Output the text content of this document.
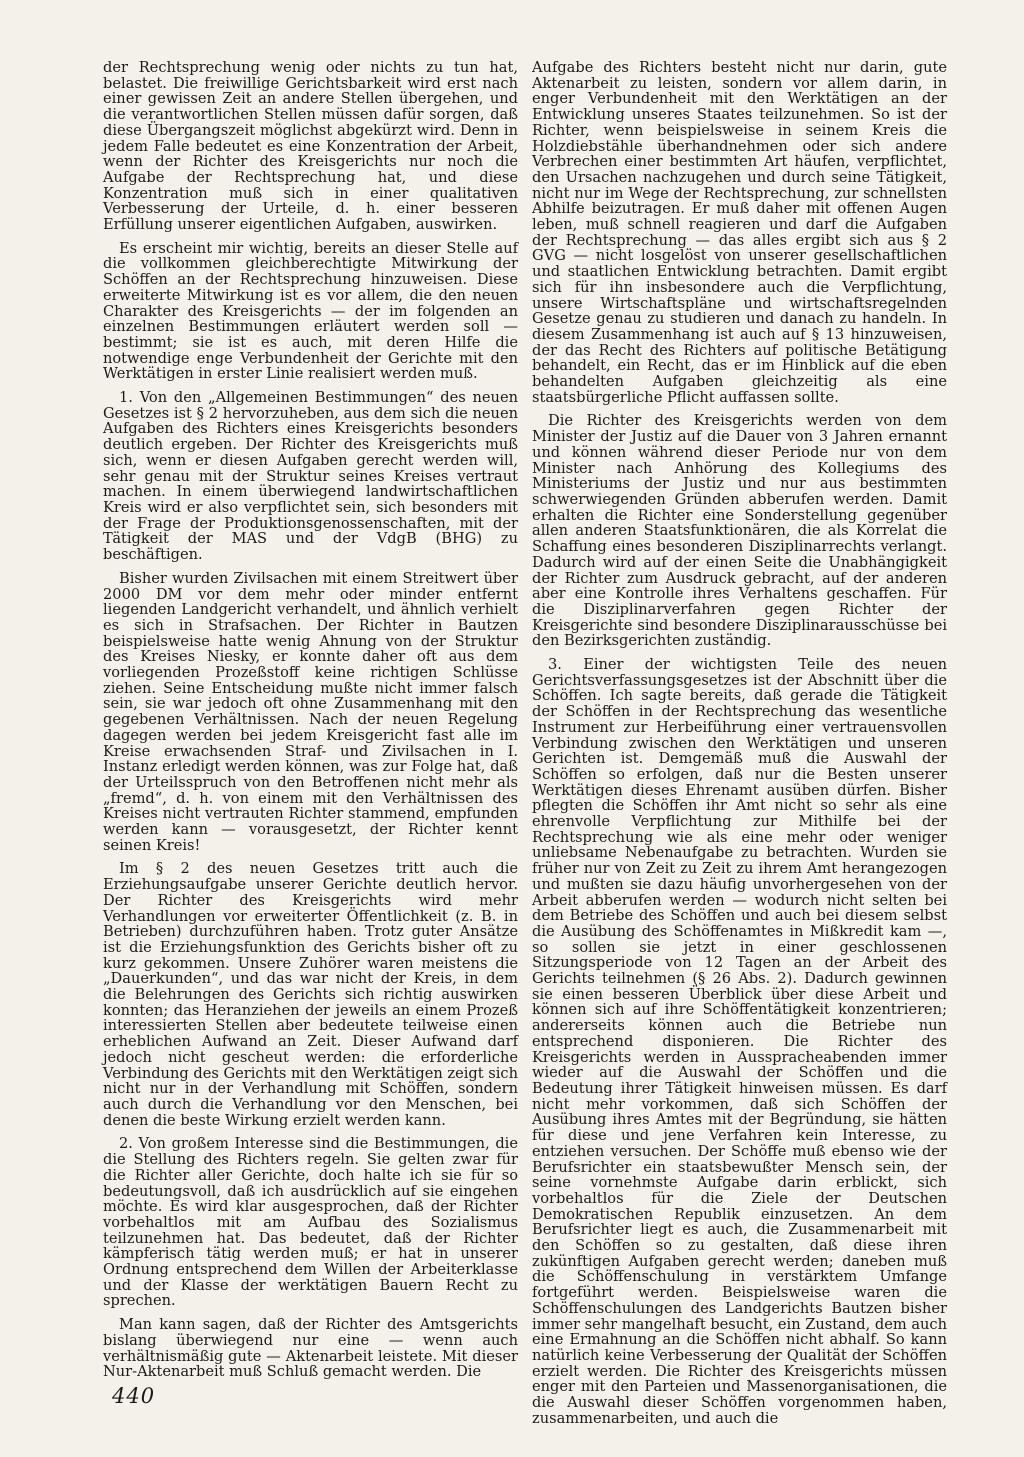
der Rechtsprechung wenig oder nichts zu tun hat, belastet. Die freiwillige Gerichtsbarkeit wird erst nach einer gewissen Zeit an andere Stellen übergehen, und die verantwortlichen Stellen müssen dafür sorgen, daß diese Übergangszeit möglichst abgekürzt wird. Denn in jedem Falle bedeutet es eine Konzentration der Arbeit, wenn der Richter des Kreisgerichts nur noch die Aufgabe der Rechtsprechung hat, und diese Konzentration muß sich in einer qualitativen Verbesserung der Urteile, d. h. einer besseren Erfüllung unserer eigentlichen Aufgaben, auswirken.

Es erscheint mir wichtig, bereits an dieser Stelle auf die vollkommen gleichberechtigte Mitwirkung der Schöffen an der Rechtsprechung hinzuweisen. Diese erweiterte Mitwirkung ist es vor allem, die den neuen Charakter des Kreisgerichts — der im folgenden an einzelnen Bestimmungen erläutert werden soll — bestimmt; sie ist es auch, mit deren Hilfe die notwendige enge Verbundenheit der Gerichte mit den Werktätigen in erster Linie realisiert werden muß.

1. Von den „Allgemeinen Bestimmungen“ des neuen Gesetzes ist § 2 hervorzuheben, aus dem sich die neuen Aufgaben des Richters eines Kreisgerichts besonders deutlich ergeben. Der Richter des Kreisgerichts muß sich, wenn er diesen Aufgaben gerecht werden will, sehr genau mit der Struktur seines Kreises vertraut machen. In einem überwiegend landwirtschaftlichen Kreis wird er also verpflichtet sein, sich besonders mit der Frage der Produktionsgenossenschaften, mit der Tätigkeit der MAS und der VdgB (BHG) zu beschäftigen.

Bisher wurden Zivilsachen mit einem Streitwert über 2000 DM vor dem mehr oder minder entfernt liegenden Landgericht verhandelt, und ähnlich verhielt es sich in Strafsachen. Der Richter in Bautzen beispielsweise hatte wenig Ahnung von der Struktur des Kreises Niesky, er konnte daher oft aus dem vorliegenden Prozeßstoff keine richtigen Schlüsse ziehen. Seine Entscheidung mußte nicht immer falsch sein, sie war jedoch oft ohne Zusammenhang mit den gegebenen Verhältnissen. Nach der neuen Regelung dagegen werden bei jedem Kreisgericht fast alle im Kreise erwachsenden Straf- und Zivilsachen in I. Instanz erledigt werden können, was zur Folge hat, daß der Urteilsspruch von den Betroffenen nicht mehr als „fremd“, d. h. von einem mit den Verhältnissen des Kreises nicht vertrauten Richter stammend, empfunden werden kann — vorausgesetzt, der Richter kennt seinen Kreis!

Im § 2 des neuen Gesetzes tritt auch die Erziehungsaufgabe unserer Gerichte deutlich hervor. Der Richter des Kreisgerichts wird mehr Verhandlungen vor erweiterter Öffentlichkeit (z. B. in Betrieben) durchzuführen haben. Trotz guter Ansätze ist die Erziehungsfunktion des Gerichts bisher oft zu kurz gekommen. Unsere Zuhörer waren meistens die „Dauerkunden“, und das war nicht der Kreis, in dem die Belehrungen des Gerichts sich richtig auswirken konnten; das Heranziehen der jeweils an einem Prozeß interessierten Stellen aber bedeutete teilweise einen erheblichen Aufwand an Zeit. Dieser Aufwand darf jedoch nicht gescheut werden: die erforderliche Verbindung des Gerichts mit den Werktätigen zeigt sich nicht nur in der Verhandlung mit Schöffen, sondern auch durch die Verhandlung vor den Menschen, bei denen die beste Wirkung erzielt werden kann.

2. Von großem Interesse sind die Bestimmungen, die die Stellung des Richters regeln. Sie gelten zwar für die Richter aller Gerichte, doch halte ich sie für so bedeutungsvoll, daß ich ausdrücklich auf sie eingehen möchte. Es wird klar ausgesprochen, daß der Richter vorbehaltlos mit am Aufbau des Sozialismus teilzunehmen hat. Das bedeutet, daß der Richter kämpferisch tätig werden muß; er hat in unserer Ordnung entsprechend dem Willen der Arbeiterklasse und der Klasse der werktätigen Bauern Recht zu sprechen.

Man kann sagen, daß der Richter des Amtsgerichts bislang überwiegend nur eine — wenn auch verhältnismäßig gute — Aktenarbeit leistete. Mit dieser Nur-Aktenarbeit muß Schluß gemacht werden. Die

Aufgabe des Richters besteht nicht nur darin, gute Aktenarbeit zu leisten, sondern vor allem darin, in enger Verbundenheit mit den Werktätigen an der Entwicklung unseres Staates teilzunehmen. So ist der Richter, wenn beispielsweise in seinem Kreis die Holzdiebstähle überhandnehmen oder sich andere Verbrechen einer bestimmten Art häufen, verpflichtet, den Ursachen nachzugehen und durch seine Tätigkeit, nicht nur im Wege der Rechtsprechung, zur schnellsten Abhilfe beizutragen. Er muß daher mit offenen Augen leben, muß schnell reagieren und darf die Aufgaben der Rechtsprechung — das alles ergibt sich aus § 2 GVG — nicht losgelöst von unserer gesellschaftlichen und staatlichen Entwicklung betrachten. Damit ergibt sich für ihn insbesondere auch die Verpflichtung, unsere Wirtschaftspläne und wirtschaftsregelnden Gesetze genau zu studieren und danach zu handeln. In diesem Zusammenhang ist auch auf § 13 hinzuweisen, der das Recht des Richters auf politische Betätigung behandelt, ein Recht, das er im Hinblick auf die eben behandelten Aufgaben gleichzeitig als eine staatsbürgerliche Pflicht auffassen sollte.

Die Richter des Kreisgerichts werden von dem Minister der Justiz auf die Dauer von 3 Jahren ernannt und können während dieser Periode nur von dem Minister nach Anhörung des Kollegiums des Ministeriums der Justiz und nur aus bestimmten schwerwiegenden Gründen abberufen werden. Damit erhalten die Richter eine Sonderstellung gegenüber allen anderen Staatsfunktionären, die als Korrelat die Schaffung eines besonderen Disziplinarrechts verlangt. Dadurch wird auf der einen Seite die Unabhängigkeit der Richter zum Ausdruck gebracht, auf der anderen aber eine Kontrolle ihres Verhaltens geschaffen. Für die Disziplinarverfahren gegen Richter der Kreisgerichte sind besondere Disziplinarausschüsse bei den Bezirksgerichten zuständig.

3. Einer der wichtigsten Teile des neuen Gerichtsverfassungsgesetzes ist der Abschnitt über die Schöffen. Ich sagte bereits, daß gerade die Tätigkeit der Schöffen in der Rechtsprechung das wesentliche Instrument zur Herbeiführung einer vertrauensvollen Verbindung zwischen den Werktätigen und unseren Gerichten ist. Demgemäß muß die Auswahl der Schöffen so erfolgen, daß nur die Besten unserer Werktätigen dieses Ehrenamt ausüben dürfen. Bisher pflegten die Schöffen ihr Amt nicht so sehr als eine ehrenvolle Verpflichtung zur Mithilfe bei der Rechtsprechung wie als eine mehr oder weniger unliebsame Nebenaufgabe zu betrachten. Wurden sie früher nur von Zeit zu Zeit zu ihrem Amt herangezogen und mußten sie dazu häufig unvorhergesehen von der Arbeit abberufen werden — wodurch nicht selten bei dem Betriebe des Schöffen und auch bei diesem selbst die Ausübung des Schöffenamtes in Mißkredit kam —, so sollen sie jetzt in einer geschlossenen Sitzungsperiode von 12 Tagen an der Arbeit des Gerichts teilnehmen (§ 26 Abs. 2). Dadurch gewinnen sie einen besseren Überblick über diese Arbeit und können sich auf ihre Schöffentätigkeit konzentrieren; andererseits können auch die Betriebe nun entsprechend disponieren. Die Richter des Kreisgerichts werden in Aussprachеabenden immer wieder auf die Auswahl der Schöffen und die Bedeutung ihrer Tätigkeit hinweisen müssen. Es darf nicht mehr vorkommen, daß sich Schöffen der Ausübung ihres Amtes mit der Begründung, sie hätten für diese und jene Verfahren kein Interesse, zu entziehen versuchen. Der Schöffe muß ebenso wie der Berufsrichter ein staatsbewußter Mensch sein, der seine vornehmste Aufgabe darin erblickt, sich vorbehaltlos für die Ziele der Deutschen Demokratischen Republik einzusetzen. An dem Berufsrichter liegt es auch, die Zusammenarbeit mit den Schöffen so zu gestalten, daß diese ihren zukünftigen Aufgaben gerecht werden; daneben muß die Schöffenschulung in verstärktem Umfange fortgeführt werden. Beispielsweise waren die Schöffenschulungen des Landgerichts Bautzen bisher immer sehr mangelhaft besucht, ein Zustand, dem auch eine Ermahnung an die Schöffen nicht abhalf. So kann natürlich keine Verbesserung der Qualität der Schöffen erzielt werden. Die Richter des Kreisgerichts müssen enger mit den Parteien und Massenorganisationen, die die Auswahl dieser Schöffen vorgenommen haben, zusammenarbeiten, und auch die

440
